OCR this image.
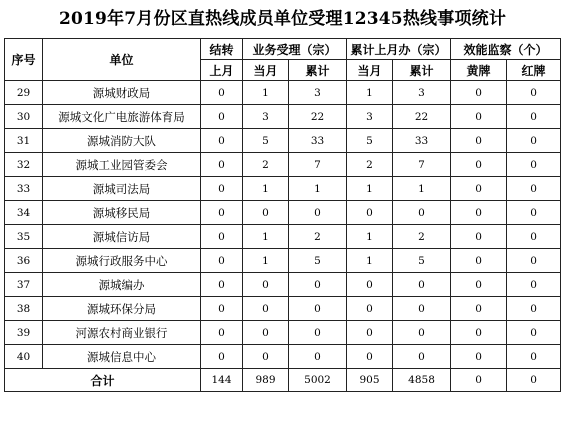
2019年7月份区直热线成员单位受理12345热线事项统计
序号	单位	结转	业务受理（宗）		累计上月办（宗）		效能监察（个）	
		上月	当月	累计	当月	累计	黄牌	红牌
29	源城财政局	0	1	3	1	3	0	0
30	源城文化广电旅游体育局	0	3	22	3	22	0	0
31	源城消防大队	0	5	33	5	33	0	0
32	源城工业园管委会	0	2	7	2	7	0	0
33	源城司法局	0	1	1	1	1	0	0
34	源城移民局	0	0	0	0	0	0	0
35	源城信访局	0	1	2	1	2	0	0
36	源城行政服务中心	0	1	5	1	5	0	0
37	源城编办	0	0	0	0	0	0	0
38	源城环保分局	0	0	0	0	0	0	0
39	河源农村商业银行	0	0	0	0	0	0	0
40	源城信息中心	0	0	0	0	0	0	0
合计		144	989	5002	905	4858	0	0
